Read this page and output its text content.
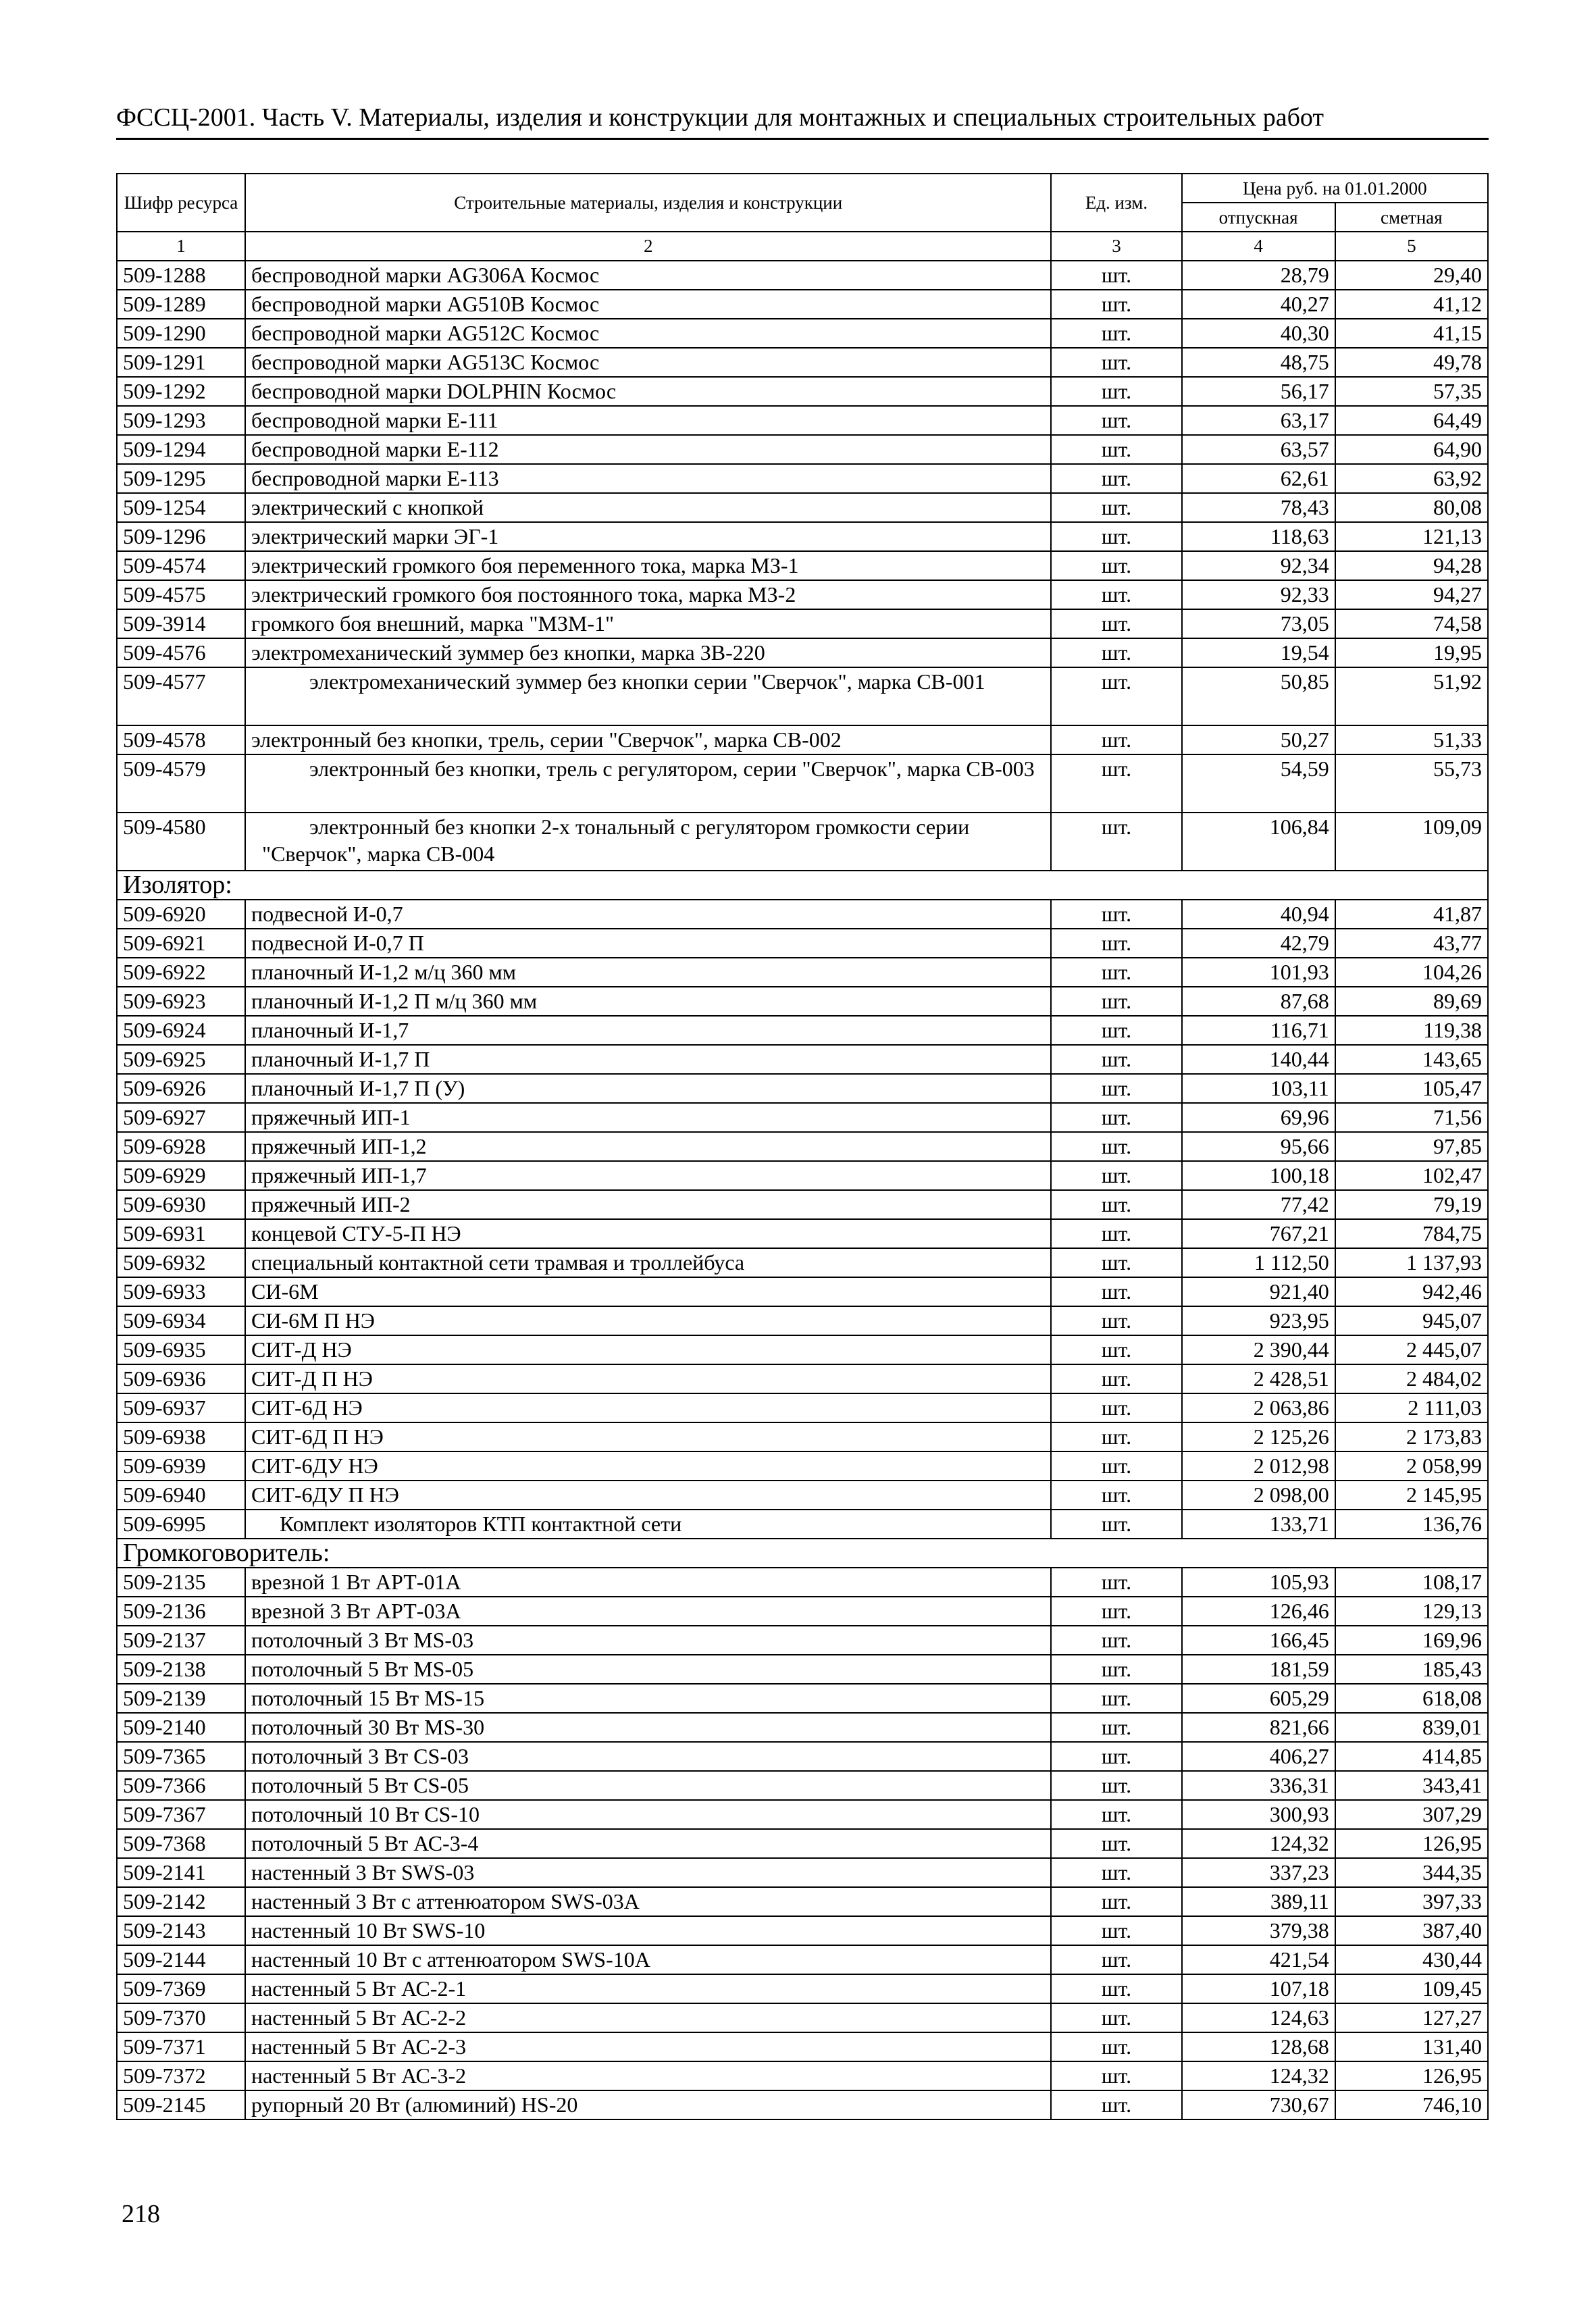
ФССЦ-2001. Часть V. Материалы, изделия и конструкции для монтажных и специальных строительных работ
Шифр ресурса	Строительные материалы, изделия и конструкции	Ед. изм.	Цена руб. на 01.01.2000	
			отпускная	сметная
1	2	3	4	5
509-1288	беспроводной марки AG306A Космос	шт.	28,79	29,40
509-1289	беспроводной марки AG510B Космос	шт.	40,27	41,12
509-1290	беспроводной марки AG512C Космос	шт.	40,30	41,15
509-1291	беспроводной марки AG513C Космос	шт.	48,75	49,78
509-1292	беспроводной марки DOLPHIN Космос	шт.	56,17	57,35
509-1293	беспроводной марки Е-111	шт.	63,17	64,49
509-1294	беспроводной марки Е-112	шт.	63,57	64,90
509-1295	беспроводной марки Е-113	шт.	62,61	63,92
509-1254	электрический с кнопкой	шт.	78,43	80,08
509-1296	электрический марки ЭГ-1	шт.	118,63	121,13
509-4574	электрический громкого боя переменного тока, марка МЗ-1	шт.	92,34	94,28
509-4575	электрический громкого боя постоянного тока, марка МЗ-2	шт.	92,33	94,27
509-3914	громкого боя внешний, марка "МЗМ-1"	шт.	73,05	74,58
509-4576	электромеханический зуммер без кнопки, марка ЗВ-220	шт.	19,54	19,95
509-4577	электромеханический зуммер без кнопки серии "Сверчок", марка СВ-001	шт.	50,85	51,92
509-4578	электронный без кнопки, трель, серии "Сверчок", марка СВ-002	шт.	50,27	51,33
509-4579	электронный без кнопки, трель с регулятором, серии "Сверчок", марка СВ-003	шт.	54,59	55,73
509-4580	электронный без кнопки 2-х тональный с регулятором громкости серии "Сверчок", марка СВ-004	шт.	106,84	109,09
Изолятор:				
509-6920	подвесной И-0,7	шт.	40,94	41,87
509-6921	подвесной И-0,7 П	шт.	42,79	43,77
509-6922	планочный И-1,2 м/ц 360 мм	шт.	101,93	104,26
509-6923	планочный И-1,2 П м/ц 360 мм	шт.	87,68	89,69
509-6924	планочный И-1,7	шт.	116,71	119,38
509-6925	планочный И-1,7 П	шт.	140,44	143,65
509-6926	планочный И-1,7 П (У)	шт.	103,11	105,47
509-6927	пряжечный ИП-1	шт.	69,96	71,56
509-6928	пряжечный ИП-1,2	шт.	95,66	97,85
509-6929	пряжечный ИП-1,7	шт.	100,18	102,47
509-6930	пряжечный ИП-2	шт.	77,42	79,19
509-6931	концевой СТУ-5-П НЭ	шт.	767,21	784,75
509-6932	специальный контактной сети трамвая и троллейбуса	шт.	1 112,50	1 137,93
509-6933	СИ-6М	шт.	921,40	942,46
509-6934	СИ-6М П НЭ	шт.	923,95	945,07
509-6935	СИТ-Д НЭ	шт.	2 390,44	2 445,07
509-6936	СИТ-Д П НЭ	шт.	2 428,51	2 484,02
509-6937	СИТ-6Д НЭ	шт.	2 063,86	2 111,03
509-6938	СИТ-6Д П НЭ	шт.	2 125,26	2 173,83
509-6939	СИТ-6ДУ НЭ	шт.	2 012,98	2 058,99
509-6940	СИТ-6ДУ П НЭ	шт.	2 098,00	2 145,95
509-6995	Комплект изоляторов КТП контактной сети	шт.	133,71	136,76
Громкоговоритель:				
509-2135	врезной 1 Вт АРТ-01А	шт.	105,93	108,17
509-2136	врезной 3 Вт АРТ-03А	шт.	126,46	129,13
509-2137	потолочный 3 Вт MS-03	шт.	166,45	169,96
509-2138	потолочный 5 Вт MS-05	шт.	181,59	185,43
509-2139	потолочный 15 Вт MS-15	шт.	605,29	618,08
509-2140	потолочный 30 Вт MS-30	шт.	821,66	839,01
509-7365	потолочный 3 Вт CS-03	шт.	406,27	414,85
509-7366	потолочный 5 Вт CS-05	шт.	336,31	343,41
509-7367	потолочный 10 Вт CS-10	шт.	300,93	307,29
509-7368	потолочный 5 Вт АС-3-4	шт.	124,32	126,95
509-2141	настенный 3 Вт SWS-03	шт.	337,23	344,35
509-2142	настенный 3 Вт с аттенюатором SWS-03A	шт.	389,11	397,33
509-2143	настенный 10 Вт SWS-10	шт.	379,38	387,40
509-2144	настенный 10 Вт с аттенюатором SWS-10A	шт.	421,54	430,44
509-7369	настенный 5 Вт АС-2-1	шт.	107,18	109,45
509-7370	настенный 5 Вт АС-2-2	шт.	124,63	127,27
509-7371	настенный 5 Вт АС-2-3	шт.	128,68	131,40
509-7372	настенный 5 Вт АС-3-2	шт.	124,32	126,95
509-2145	рупорный 20 Вт (алюминий) HS-20	шт.	730,67	746,10
218
